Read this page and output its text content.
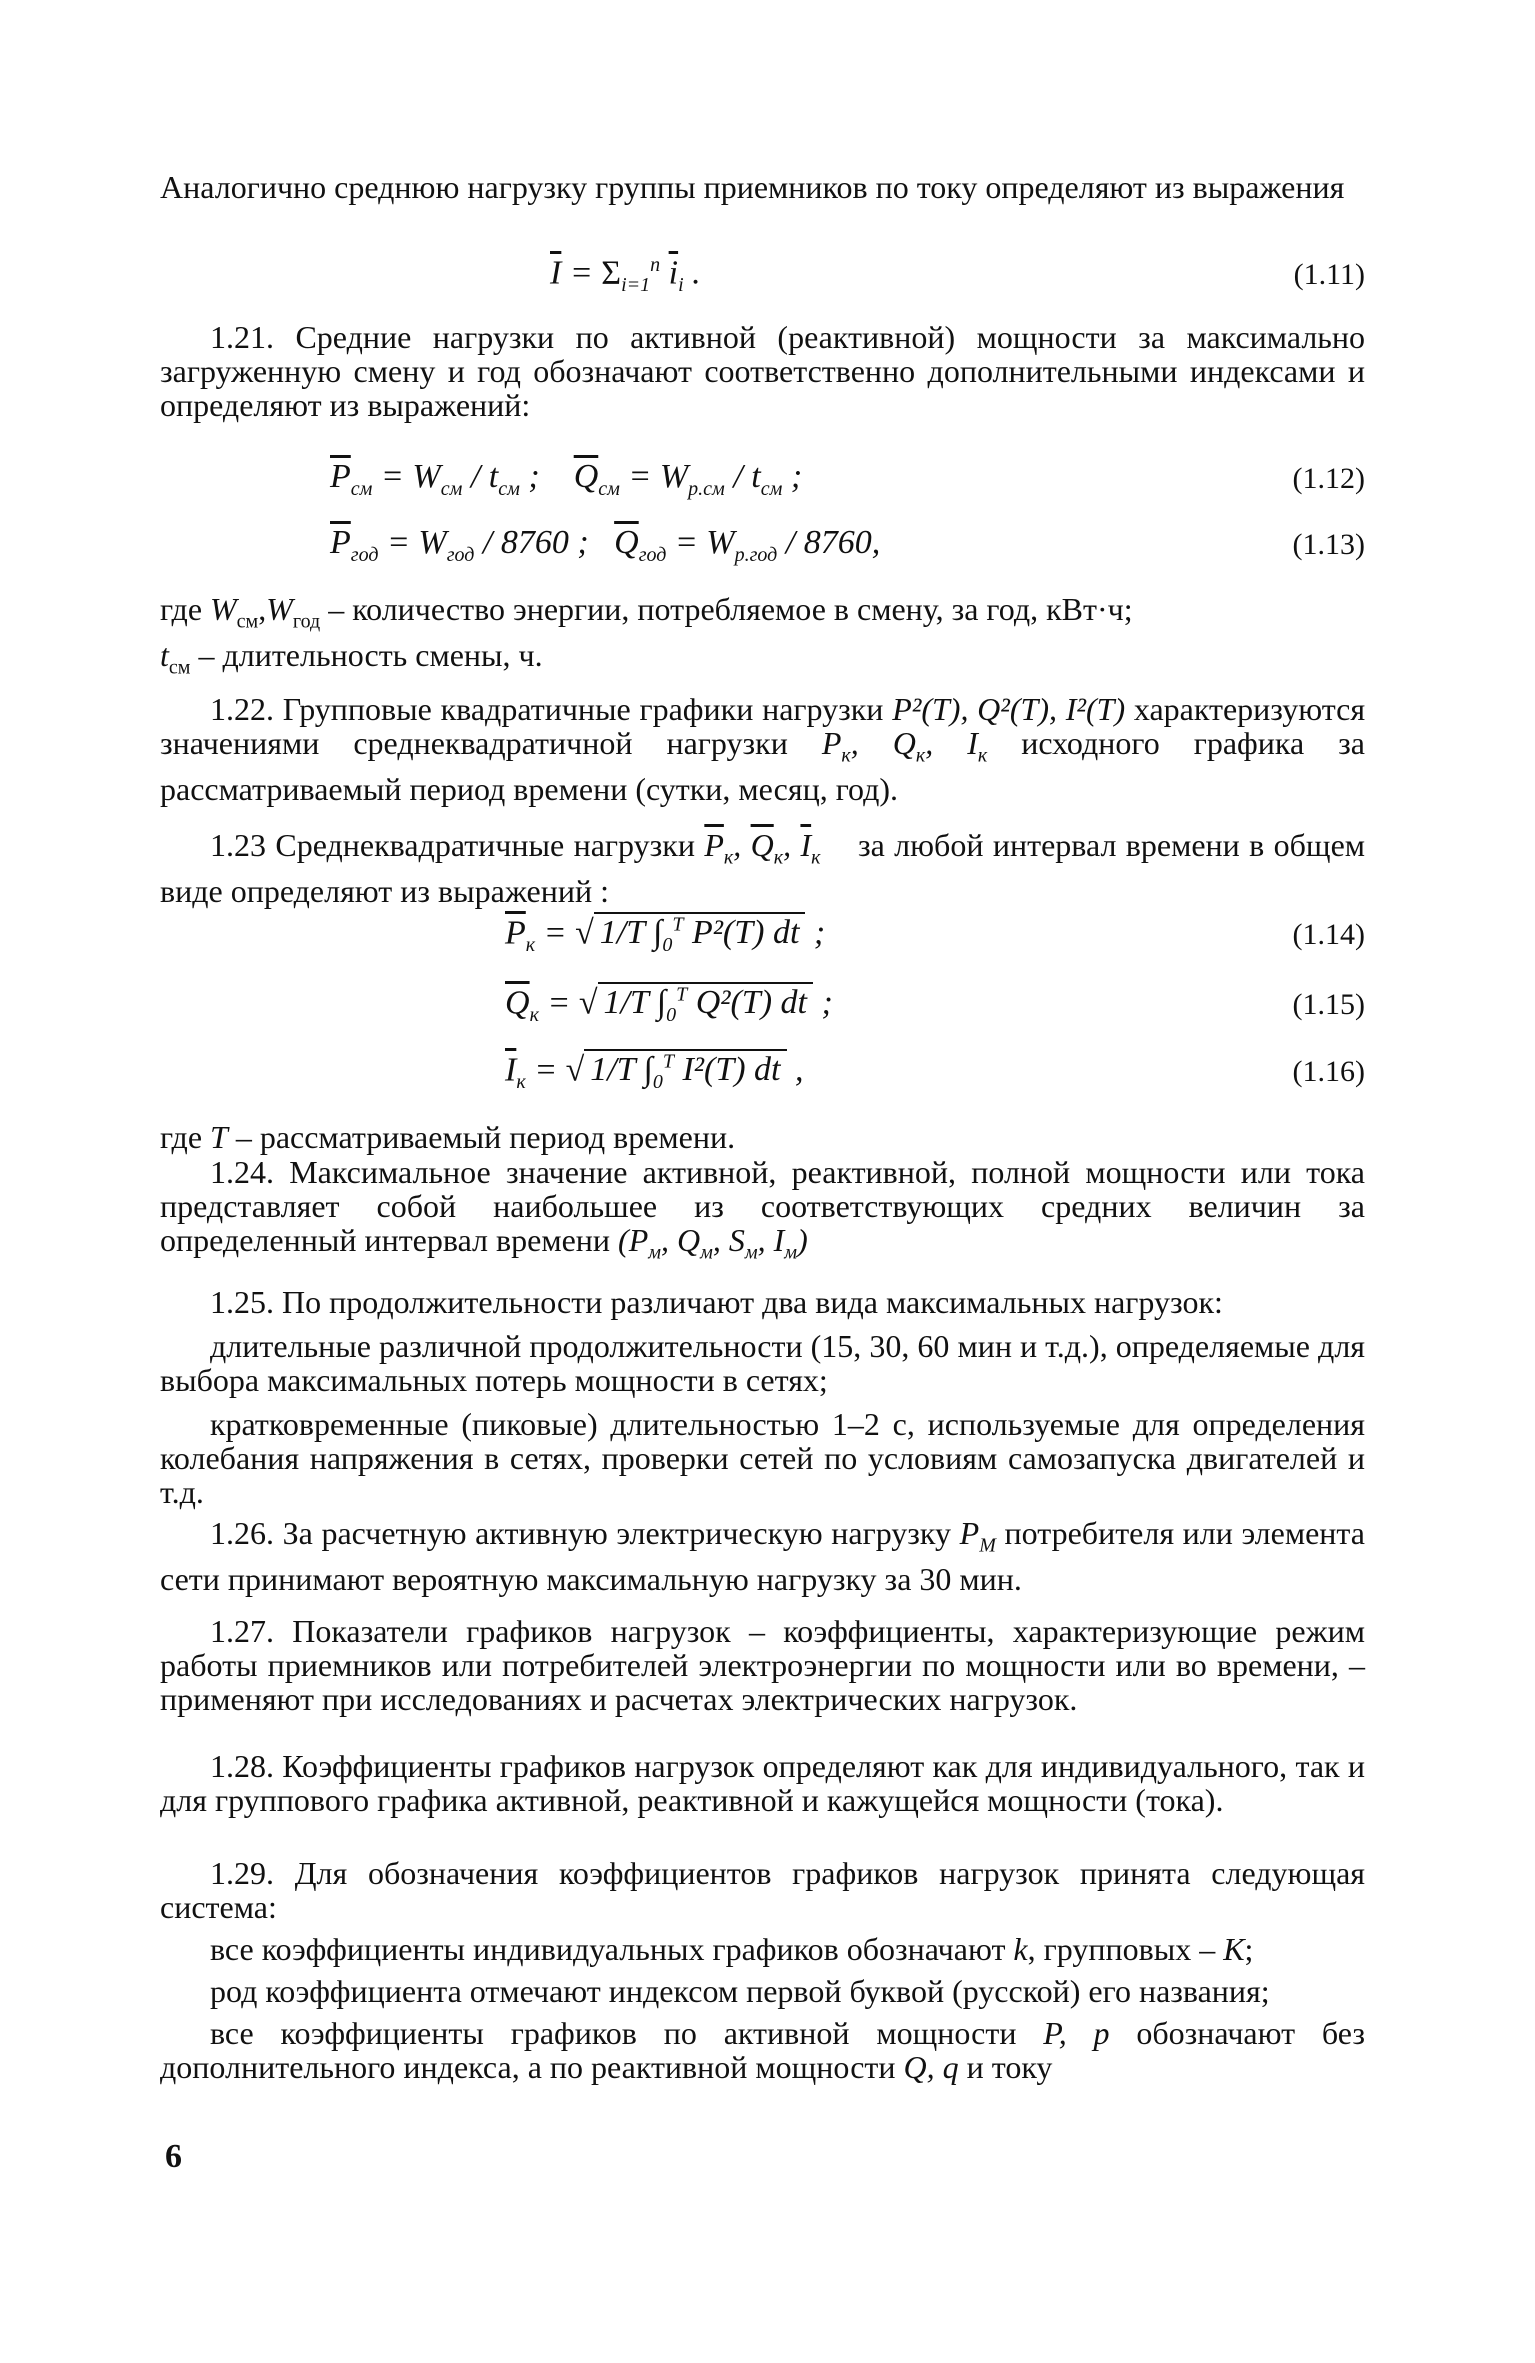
Аналогично среднюю нагрузку группы приемников по току определяют из выражения

$\overline{I} = \Sigma_{i=1}^n$ $\overline{i}_i$ .	(1.11)

1.21. Средние нагрузки по активной (реактивной) мощности за максимально загруженную смену и год обозначают соответственно дополнительными индексами и определяют из выражений:

$\overline{P}_{см} = W_{см} / t_{см}$ ;    $\overline{Q}_{см} = W_{р.см} / t_{см}$ ;	(1.12)
$\overline{P}_{год} = W_{год} / 8760$ ;   $\overline{Q}_{год} = W_{р.год} / 8760$,	(1.13)

где $W_{см},W_{год}$ – количество энергии, потребляемое в смену, за год, кВт·ч;

$t_{см}$ – длительность смены, ч.

1.22. Групповые квадратичные графики нагрузки P²(T), Q²(T), I²(T) характеризуются значениями среднеквадратичной нагрузки $P_к$, $Q_к$, $I_к$ исходного графика за рассматриваемый период времени (сутки, месяц, год).

1.23 Среднеквадратичные нагрузки $\overline{P}_к$, $\overline{Q}_к$, $\overline{I}_к$ за любой интервал времени в общем виде определяют из выражений :

$\overline{P}_к$ = √ 1/T $\int_0^T$ P²(T) dt ;	(1.14)
$\overline{Q}_к$ = √ 1/T $\int_0^T$ Q²(T) dt ;	(1.15)
$\overline{I}_к$ = √ 1/T $\int_0^T$ I²(T) dt ,	(1.16)

где T – рассматриваемый период времени.

1.24. Максимальное значение активной, реактивной, полной мощности или тока представляет собой наибольшее из соответствующих средних величин за определенный интервал времени ($P_м$, $Q_м$, $S_м$, $I_м$)

1.25. По продолжительности различают два вида максимальных нагрузок:

длительные различной продолжительности (15, 30, 60 мин и т.д.), определяемые для выбора максимальных потерь мощности в сетях;

кратковременные (пиковые) длительностью 1–2 с, используемые для определения колебания напряжения в сетях, проверки сетей по условиям самозапуска двигателей и т.д.

1.26. За расчетную активную электрическую нагрузку $P_М$ потребителя или элемента сети принимают вероятную максимальную нагрузку за 30 мин.

1.27. Показатели графиков нагрузок – коэффициенты, характеризующие режим работы приемников или потребителей электроэнергии по мощности или во времени, – применяют при исследованиях и расчетах электрических нагрузок.

1.28. Коэффициенты графиков нагрузок определяют как для индивидуального, так и для группового графика активной, реактивной и кажущейся мощности (тока).

1.29. Для обозначения коэффициентов графиков нагрузок принята следующая система:

все коэффициенты индивидуальных графиков обозначают k, групповых – K;

род коэффициента отмечают индексом первой буквой (русской) его названия;

все коэффициенты графиков по активной мощности P, p обозначают без дополнительного индекса, а по реактивной мощности Q, q и току

6
